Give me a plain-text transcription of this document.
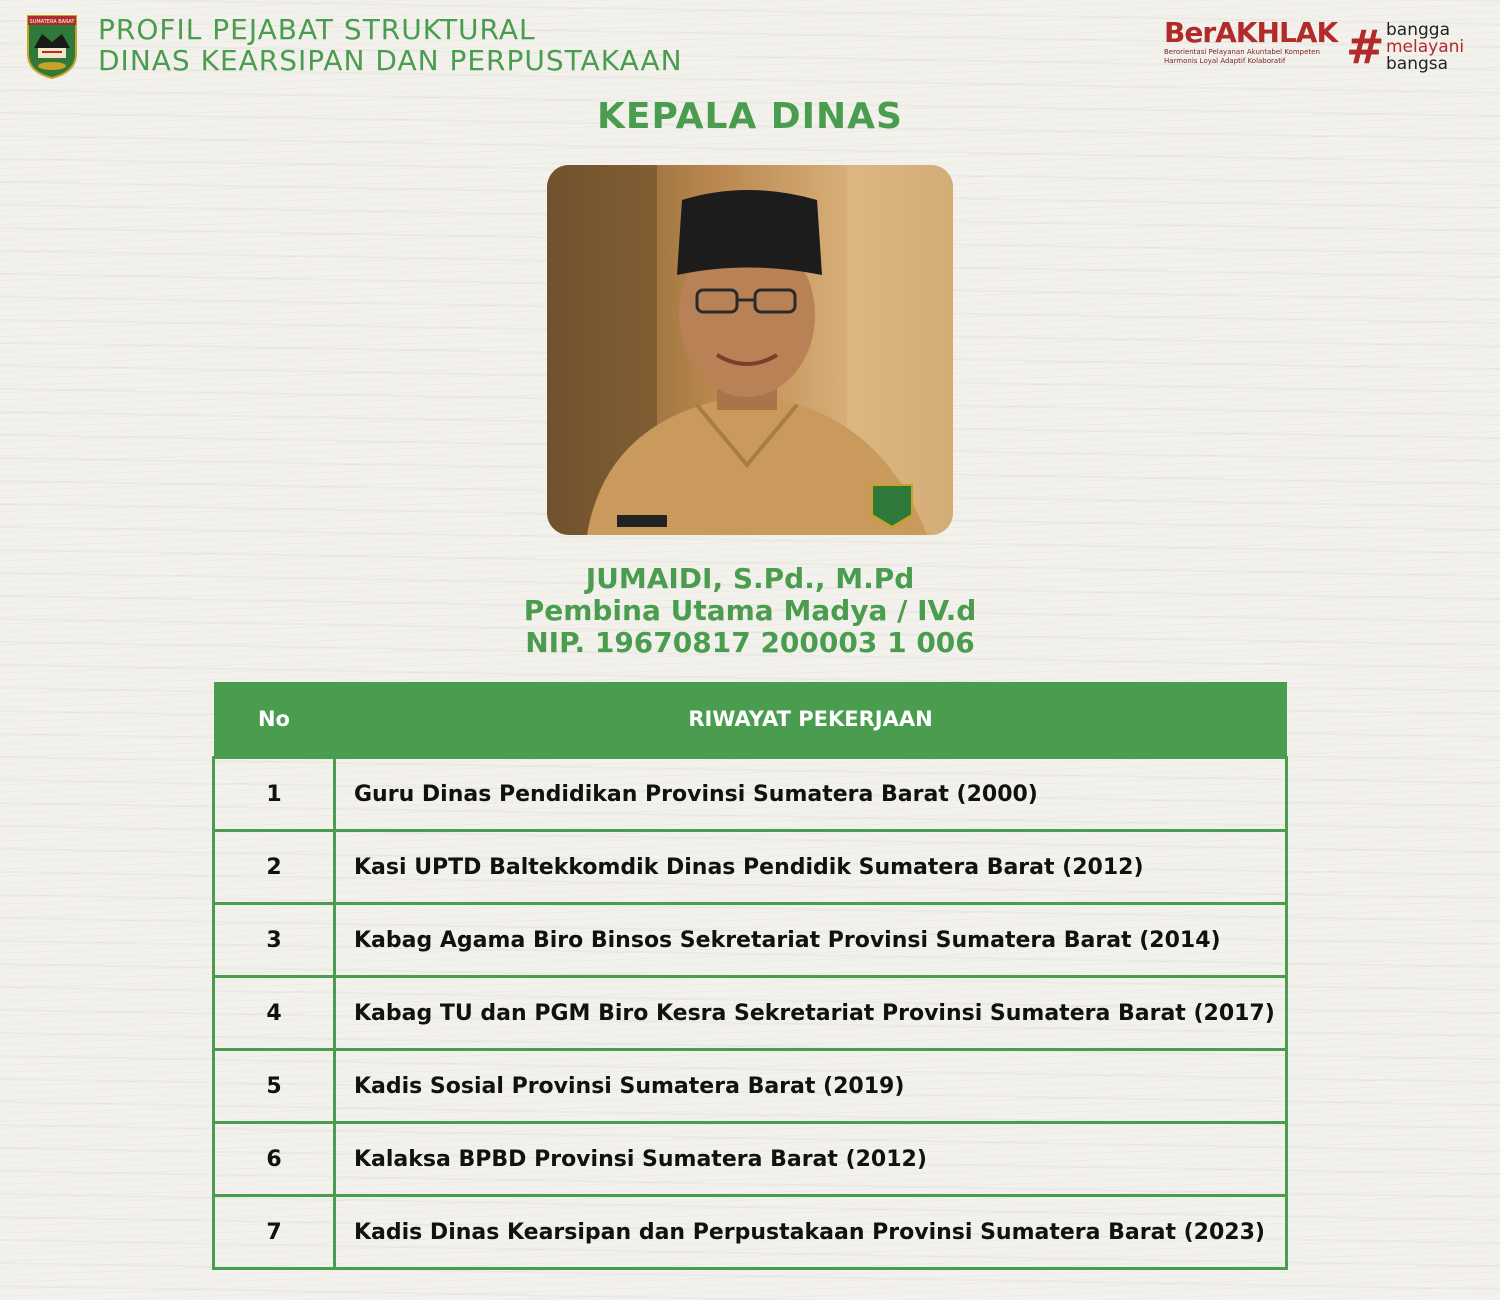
SUMATERA BARAT PROFIL PEJABAT STRUKTURAL
DINAS KEARSIPAN DAN PERPUSTAKAAN
BerAKHLAK
Berorientasi Pelayanan Akuntabel Kompeten
Harmonis Loyal Adaptif Kolaboratif	# bangga
melayani
bangsa
KEPALA DINAS
JUMAIDI, S.Pd., M.Pd
Pembina Utama Madya / IV.d
NIP. 19670817 200003 1 006
No	RIWAYAT PEKERJAAN
1	Guru Dinas Pendidikan Provinsi Sumatera Barat (2000)
2	Kasi UPTD Baltekkomdik Dinas Pendidik Sumatera Barat (2012)
3	Kabag Agama Biro Binsos Sekretariat Provinsi Sumatera Barat (2014)
4	Kabag TU dan PGM Biro Kesra Sekretariat Provinsi Sumatera Barat (2017)
5	Kadis Sosial Provinsi Sumatera Barat (2019)
6	Kalaksa BPBD Provinsi Sumatera Barat (2012)
7	Kadis Dinas Kearsipan dan Perpustakaan Provinsi Sumatera Barat (2023)
